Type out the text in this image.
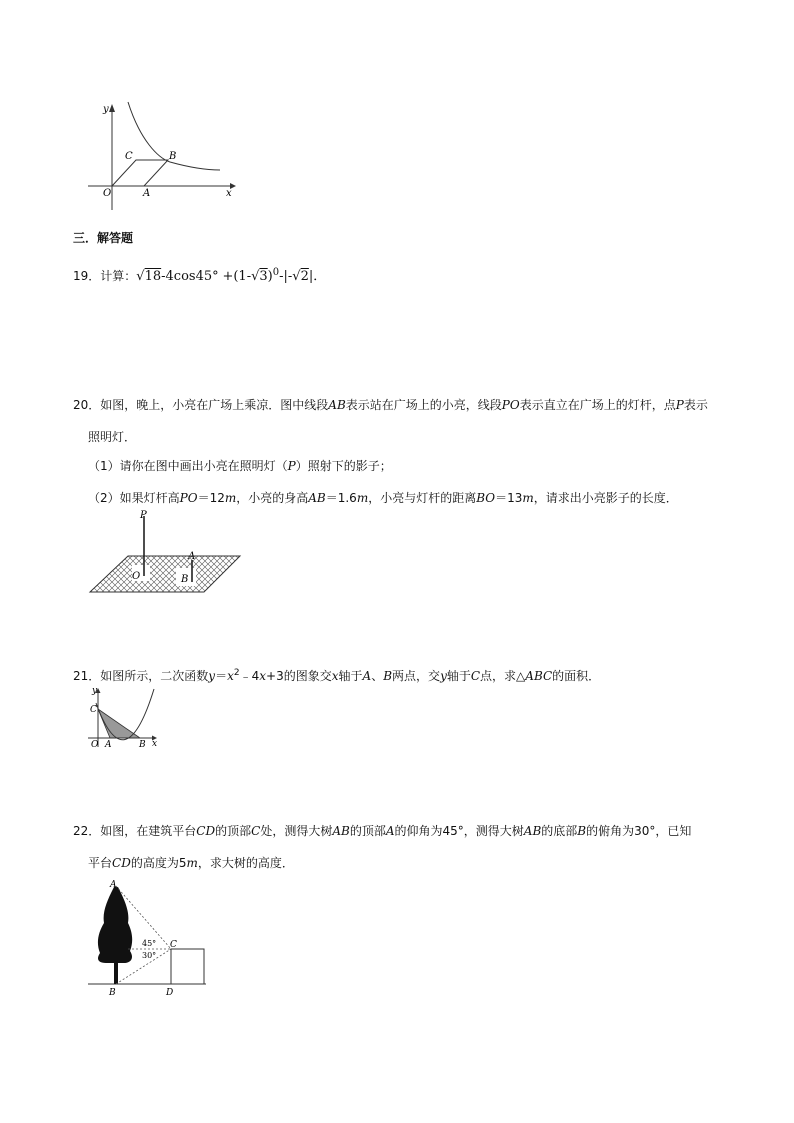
y
x
O	A
B
C
三．解答题
19．计算：$√18-4\cos 45^\circ +(1-√3)^0-|-√2|$．
20．如图，晚上，小亮在广场上乘凉．图中线段AB表示站在广场上的小亮，线段PO表示直立在广场上的灯杆，点P表示
照明灯．
（1）请你在图中画出小亮在照明灯（P）照射下的影子；
（2）如果灯杆高PO＝12m，小亮的身高AB＝1.6m，小亮与灯杆的距离BO＝13m，请求出小亮影子的长度．
P
O
A
B
21．如图所示，二次函数$y=x^2﹣4x+3$的图象交x轴于A、B两点，交y轴于C点，求△ABC的面积．
y
x
C
O A	B
22．如图，在建筑平台CD的顶部C处，测得大树AB的顶部A的仰角为45°，测得大树AB的底部B的俯角为30°，已知
平台CD的高度为5m，求大树的高度．
A
B
C
D
45°
30°
